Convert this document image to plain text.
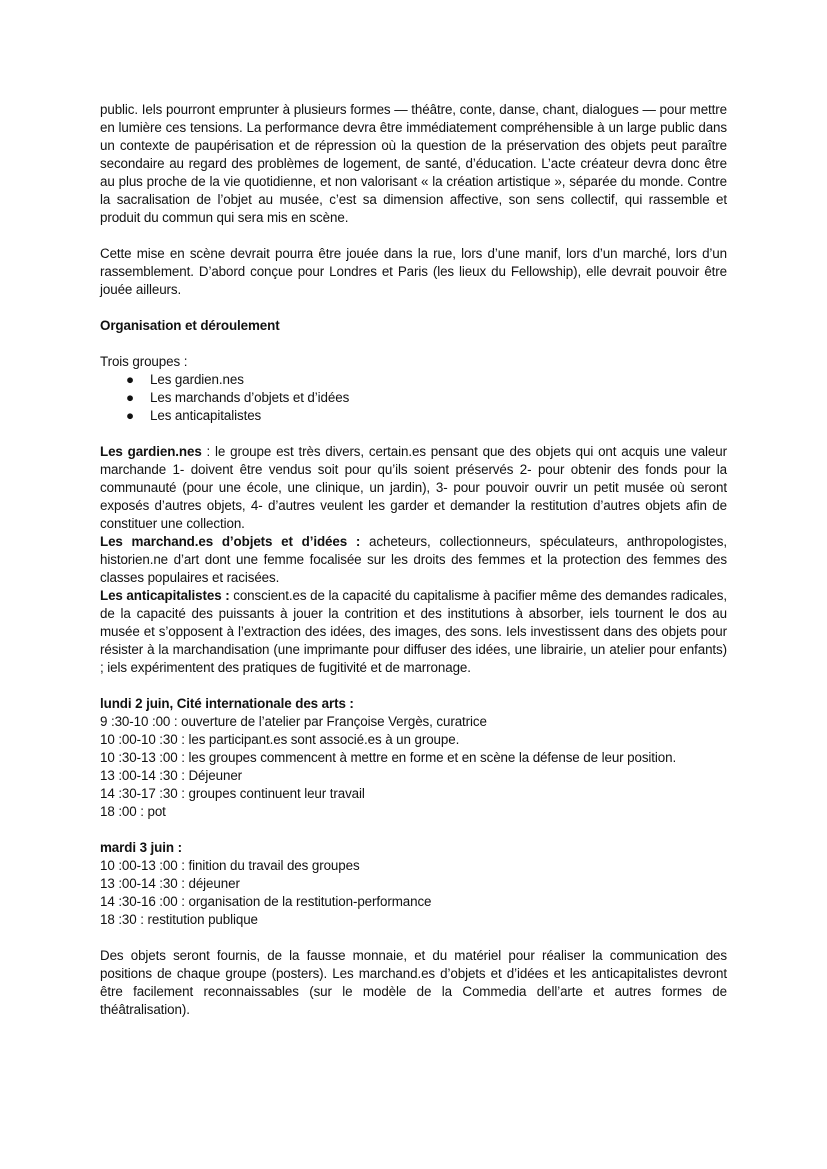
public. Iels pourront emprunter à plusieurs formes — théâtre, conte, danse, chant, dialogues — pour mettre en lumière ces tensions. La performance devra être immédiatement compréhensible à un large public dans un contexte de paupérisation et de répression où la question de la préservation des objets peut paraître secondaire au regard des problèmes de logement, de santé, d’éducation. L’acte créateur devra donc être au plus proche de la vie quotidienne, et non valorisant « la création artistique », séparée du monde. Contre la sacralisation de l’objet au musée, c’est sa dimension affective, son sens collectif, qui rassemble et produit du commun qui sera mis en scène.

Cette mise en scène devrait pourra être jouée dans la rue, lors d’une manif, lors d’un marché, lors d’un rassemblement. D’abord conçue pour Londres et Paris (les lieux du Fellowship), elle devrait pouvoir être jouée ailleurs.

Organisation et déroulement

Trois groupes :

● Les gardien.nes
● Les marchands d’objets et d’idées
● Les anticapitalistes

Les gardien.nes : le groupe est très divers, certain.es pensant que des objets qui ont acquis une valeur marchande 1- doivent être vendus soit pour qu’ils soient préservés 2- pour obtenir des fonds pour la communauté (pour une école, une clinique, un jardin), 3- pour pouvoir ouvrir un petit musée où seront exposés d’autres objets, 4- d’autres veulent les garder et demander la restitution d’autres objets afin de constituer une collection.

Les marchand.es d’objets et d’idées : acheteurs, collectionneurs, spéculateurs, anthropologistes, historien.ne d’art dont une femme focalisée sur les droits des femmes et la protection des femmes des classes populaires et racisées.

Les anticapitalistes : conscient.es de la capacité du capitalisme à pacifier même des demandes radicales, de la capacité des puissants à jouer la contrition et des institutions à absorber, iels tournent le dos au musée et s’opposent à l’extraction des idées, des images, des sons. Iels investissent dans des objets pour résister à la marchandisation (une imprimante pour diffuser des idées, une librairie, un atelier pour enfants) ; iels expérimentent des pratiques de fugitivité et de marronage.

lundi 2 juin, Cité internationale des arts :

9 :30-10 :00 : ouverture de l’atelier par Françoise Vergès, curatrice

10 :00-10 :30 : les participant.es sont associé.es à un groupe.

10 :30-13 :00 : les groupes commencent à mettre en forme et en scène la défense de leur position.

13 :00-14 :30 : Déjeuner

14 :30-17 :30 : groupes continuent leur travail

18 :00 : pot

mardi 3 juin :

10 :00-13 :00 : finition du travail des groupes

13 :00-14 :30 : déjeuner

14 :30-16 :00 : organisation de la restitution-performance

18 :30 : restitution publique

Des objets seront fournis, de la fausse monnaie, et du matériel pour réaliser la communication des positions de chaque groupe (posters). Les marchand.es d’objets et d’idées et les anticapitalistes devront être facilement reconnaissables (sur le modèle de la Commedia dell’arte et autres formes de théâtralisation).
